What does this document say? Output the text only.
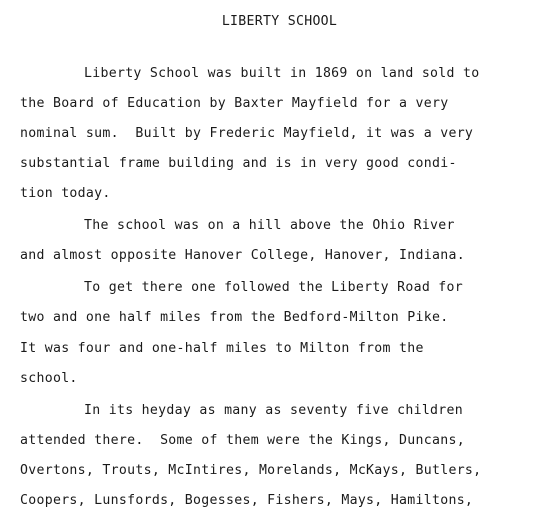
LIBERTY SCHOOL
Liberty School was built in 1869 on land sold to
the Board of Education by Baxter Mayfield for a very
nominal sum.  Built by Frederic Mayfield, it was a very
substantial frame building and is in very good condi-
tion today.
The school was on a hill above the Ohio River
and almost opposite Hanover College, Hanover, Indiana.
To get there one followed the Liberty Road for
two and one half miles from the Bedford-Milton Pike.
It was four and one-half miles to Milton from the
school.
In its heyday as many as seventy five children
attended there.  Some of them were the Kings, Duncans,
Overtons, Trouts, McIntires, Morelands, McKays, Butlers,
Coopers, Lunsfords, Bogesses, Fishers, Mays, Hamiltons,
